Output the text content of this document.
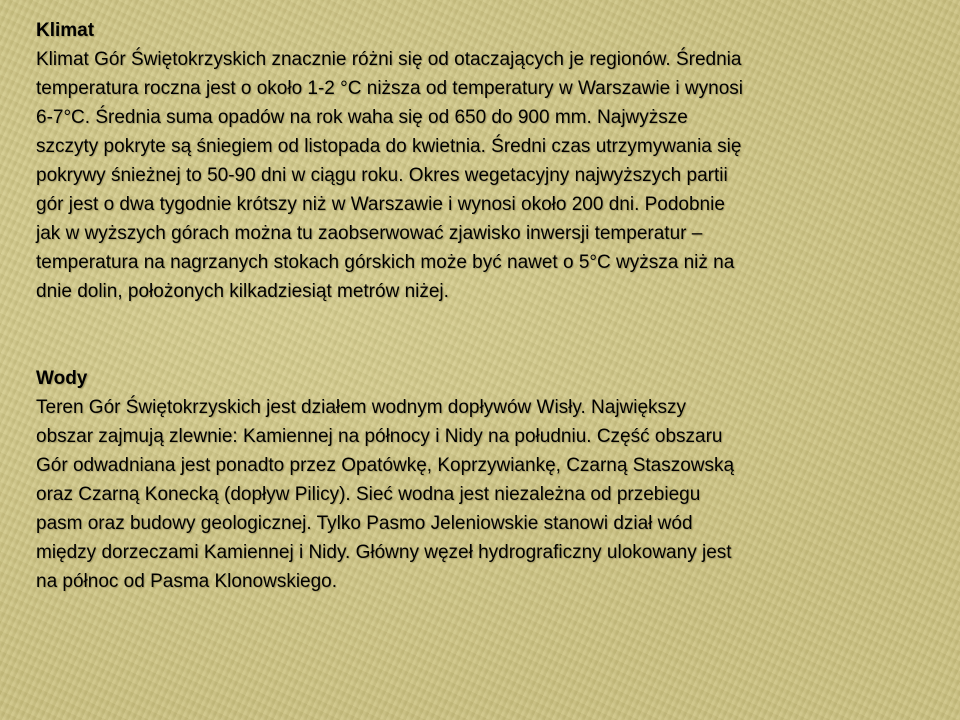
Klimat
Klimat Gór Świętokrzyskich znacznie różni się od otaczających je regionów. Średnia
temperatura roczna jest o około 1-2 °C niższa od temperatury w Warszawie i wynosi
6-7°C. Średnia suma opadów na rok waha się od 650 do 900 mm. Najwyższe
szczyty pokryte są śniegiem od listopada do kwietnia. Średni czas utrzymywania się
pokrywy śnieżnej to 50-90 dni w ciągu roku. Okres wegetacyjny najwyższych partii
gór jest o dwa tygodnie krótszy niż w Warszawie i wynosi około 200 dni. Podobnie
jak w wyższych górach można tu zaobserwować zjawisko inwersji temperatur –
temperatura na nagrzanych stokach górskich może być nawet o 5°C wyższa niż na
dnie dolin, położonych kilkadziesiąt metrów niżej.
Wody
Teren Gór Świętokrzyskich jest działem wodnym dopływów Wisły. Największy
obszar zajmują zlewnie: Kamiennej na północy i Nidy na południu. Część obszaru
Gór odwadniana jest ponadto przez Opatówkę, Koprzywiankę, Czarną Staszowską
oraz Czarną Konecką (dopływ Pilicy). Sieć wodna jest niezależna od przebiegu
pasm oraz budowy geologicznej. Tylko Pasmo Jeleniowskie stanowi dział wód
między dorzeczami Kamiennej i Nidy. Główny węzeł hydrograficzny ulokowany jest
na północ od Pasma Klonowskiego.
